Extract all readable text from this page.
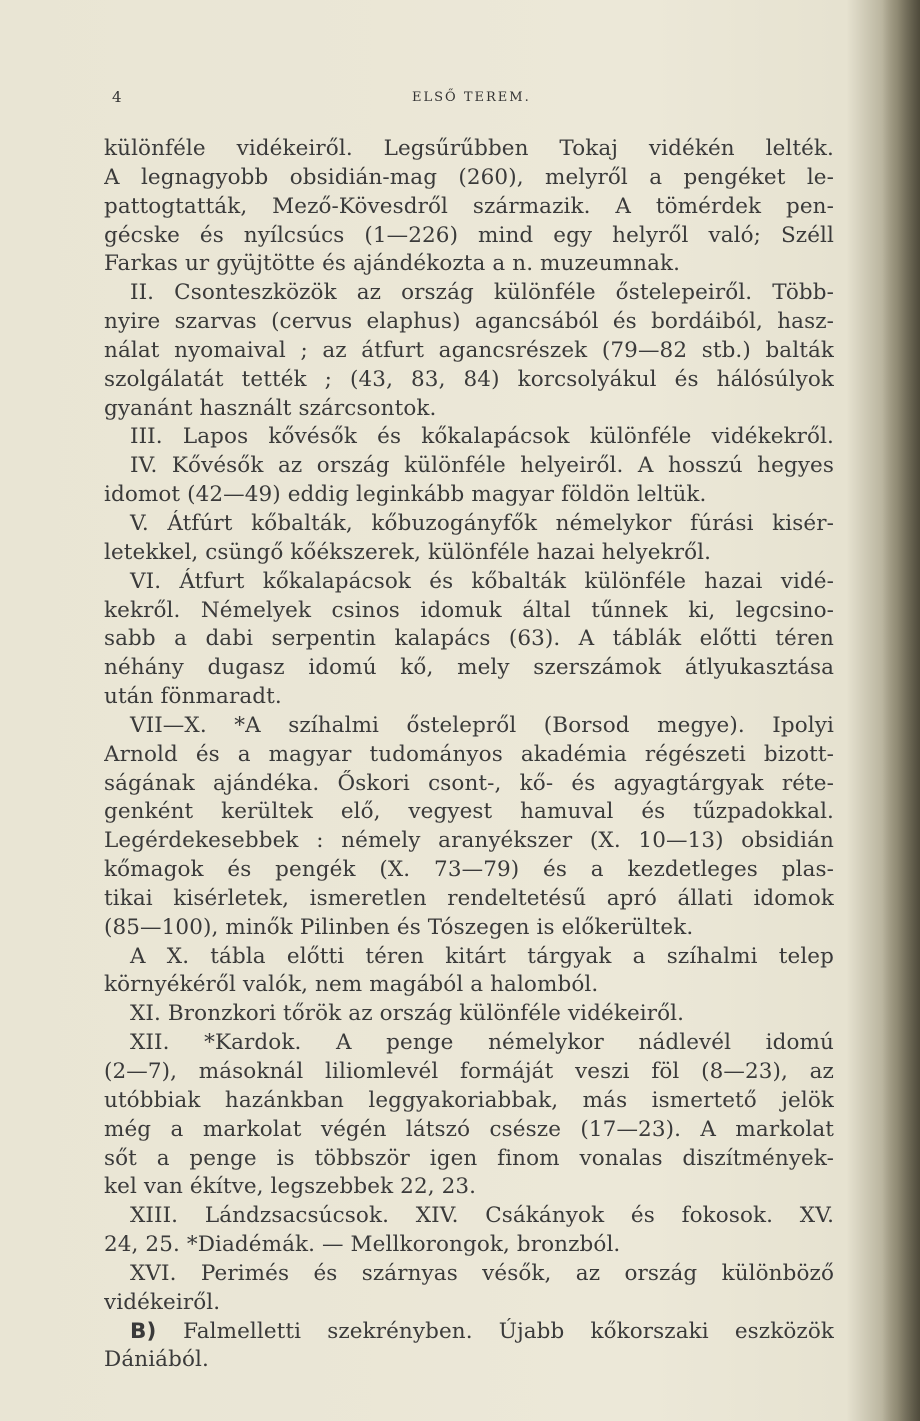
4	ELSŐ TEREM.
különféle vidékeiről. Legsűrűbben Tokaj vidékén lelték.
A legnagyobb obsidián-mag (260), melyről a pengéket le-
pattogtatták, Mező-Kövesdről származik. A tömérdek pen-
gécske és nyílcsúcs (1—226) mind egy helyről való; Széll
Farkas ur gyüjtötte és ajándékozta a n. muzeumnak.
II. Csonteszközök az ország különféle őstelepeiről. Több-
nyire szarvas (cervus elaphus) agancsából és bordáiból, hasz-
nálat nyomaival ; az átfurt agancsrészek (79—82 stb.) balták
szolgálatát tették ; (43, 83, 84) korcsolyákul és hálósúlyok
gyanánt használt szárcsontok.
III. Lapos kővésők és kőkalapácsok különféle vidékekről.
IV. Kővésők az ország különféle helyeiről. A hosszú hegyes
idomot (42—49) eddig leginkább magyar földön leltük.
V. Átfúrt kőbalták, kőbuzogányfők némelykor fúrási kisér-
letekkel, csüngő kőékszerek, különféle hazai helyekről.
VI. Átfurt kőkalapácsok és kőbalták különféle hazai vidé-
kekről. Némelyek csinos idomuk által tűnnek ki, legcsino-
sabb a dabi serpentin kalapács (63). A táblák előtti téren
néhány dugasz idomú kő, mely szerszámok átlyukasztása
után fönmaradt.
VII—X. *A szíhalmi őstelepről (Borsod megye). Ipolyi
Arnold és a magyar tudományos akadémia régészeti bizott-
ságának ajándéka. Őskori csont-, kő- és agyagtárgyak réte-
genként kerültek elő, vegyest hamuval és tűzpadokkal.
Legérdekesebbek : némely aranyékszer (X. 10—13) obsidián
kőmagok és pengék (X. 73—79) és a kezdetleges plas-
tikai kisérletek, ismeretlen rendeltetésű apró állati idomok
(85—100), minők Pilinben és Tószegen is előkerültek.
A X. tábla előtti téren kitárt tárgyak a szíhalmi telep
környékéről valók, nem magából a halomból.
XI. Bronzkori tőrök az ország különféle vidékeiről.
XII. *Kardok. A penge némelykor nádlevél idomú
(2—7), másoknál liliomlevél formáját veszi föl (8—23), az
utóbbiak hazánkban leggyakoriabbak, más ismertető jelök
még a markolat végén látszó csésze (17—23). A markolat
sőt a penge is többször igen finom vonalas diszítmények-
kel van ékítve, legszebbek 22, 23.
XIII. Lándzsacsúcsok. XIV. Csákányok és fokosok. XV.
24, 25. *Diadémák. — Mellkorongok, bronzból.
XVI. Perimés és szárnyas vésők, az ország különböző
vidékeiről.
B) Falmelletti szekrényben. Újabb kőkorszaki eszközök
Dániából.
